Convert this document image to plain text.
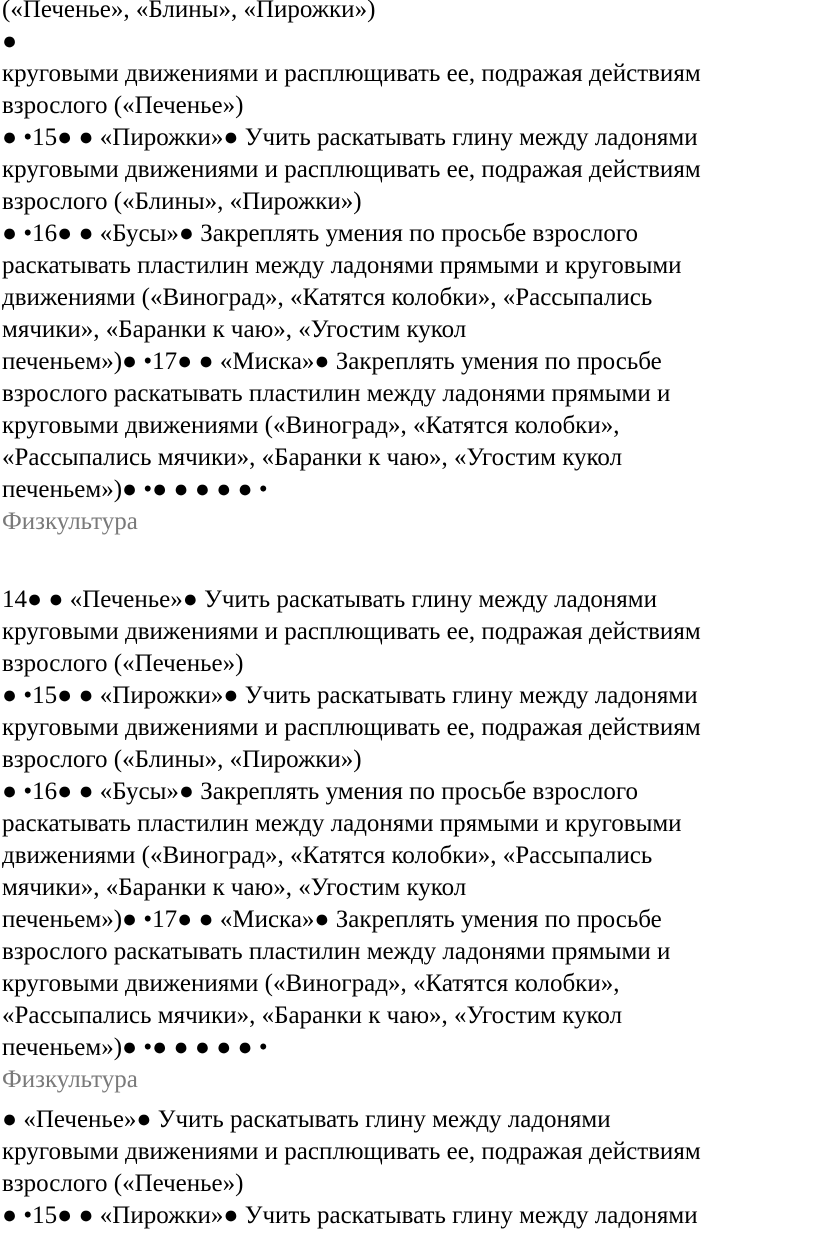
(«Печенье», «Блины», «Пирожки»)
●
круговыми движениями и расплющивать ее, подражая действиям
взрослого («Печенье»)
● •15● ● «Пирожки»● Учить раскатывать глину между ладонями
круговыми движениями и расплющивать ее, подражая действиям
взрослого («Блины», «Пирожки»)
● •16● ● «Бусы»● Закреплять умения по просьбе взрослого
раскатывать пластилин между ладонями прямыми и круговыми
движениями («Виноград», «Катятся колобки», «Рассыпались
мячики», «Баранки к чаю», «Угостим кукол
печеньем»)● •17● ● «Миска»● Закреплять умения по просьбе
взрослого раскатывать пластилин между ладонями прямыми и
круговыми движениями («Виноград», «Катятся колобки»,
«Рассыпались мячики», «Баранки к чаю», «Угостим кукол
печеньем»)● •● ● ● ● ● •
Физкультура
14● ● «Печенье»● Учить раскатывать глину между ладонями
круговыми движениями и расплющивать ее, подражая действиям
взрослого («Печенье»)
● •15● ● «Пирожки»● Учить раскатывать глину между ладонями
круговыми движениями и расплющивать ее, подражая действиям
взрослого («Блины», «Пирожки»)
● •16● ● «Бусы»● Закреплять умения по просьбе взрослого
раскатывать пластилин между ладонями прямыми и круговыми
движениями («Виноград», «Катятся колобки», «Рассыпались
мячики», «Баранки к чаю», «Угостим кукол
печеньем»)● •17● ● «Миска»● Закреплять умения по просьбе
взрослого раскатывать пластилин между ладонями прямыми и
круговыми движениями («Виноград», «Катятся колобки»,
«Рассыпались мячики», «Баранки к чаю», «Угостим кукол
печеньем»)● •● ● ● ● ● •
Физкультура
● «Печенье»● Учить раскатывать глину между ладонями
круговыми движениями и расплющивать ее, подражая действиям
взрослого («Печенье»)
● •15● ● «Пирожки»● Учить раскатывать глину между ладонями
